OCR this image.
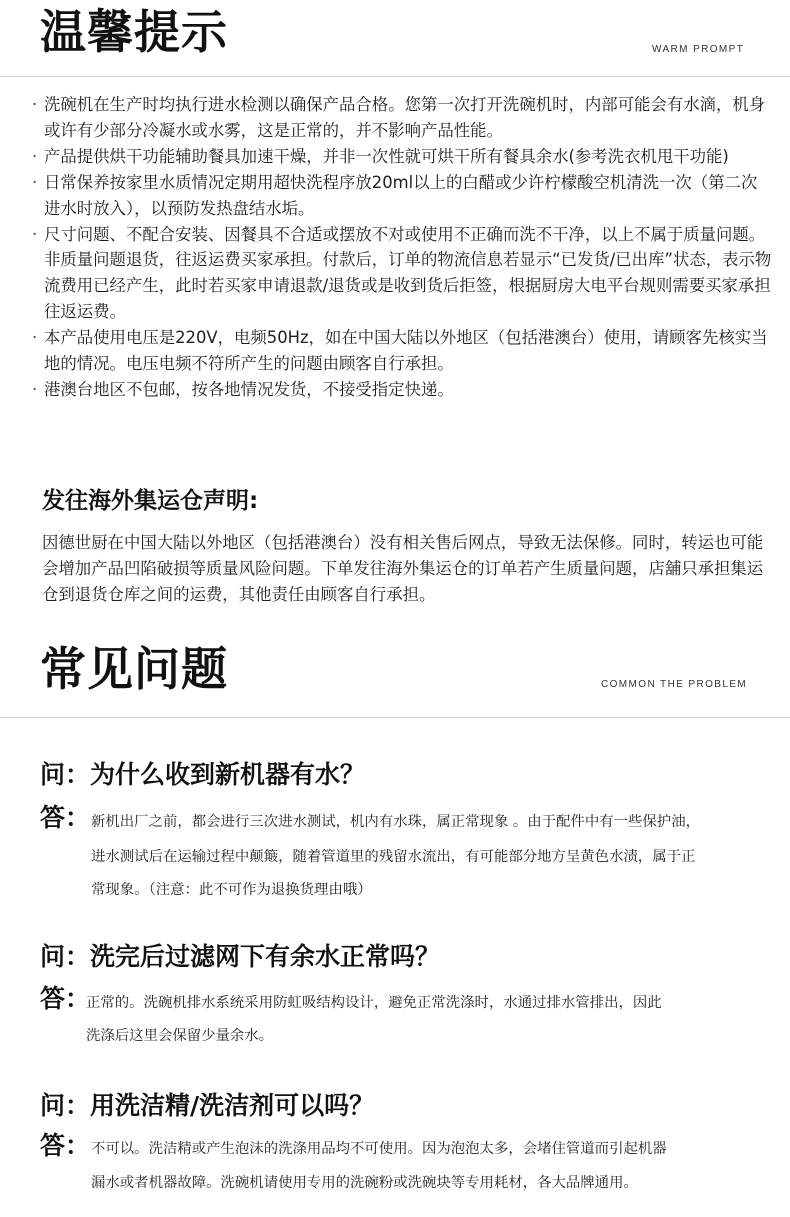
温馨提示	WARM PROMPT
· 洗碗机在生产时均执行进水检测以确保产品合格。您第一次打开洗碗机时，内部可能会有水滴，机身或许有少部分冷凝水或水雾，这是正常的，并不影响产品性能。
· 产品提供烘干功能辅助餐具加速干燥，并非一次性就可烘干所有餐具余水(参考洗衣机甩干功能)
· 日常保养按家里水质情况定期用超快洗程序放20ml以上的白醋或少许柠檬酸空机清洗一次（第二次进水时放入），以预防发热盘结水垢。
· 尺寸问题、不配合安装、因餐具不合适或摆放不对或使用不正确而洗不干净，以上不属于质量问题。非质量问题退货，往返运费买家承担。付款后，订单的物流信息若显示“已发货/已出库”状态，表示物流费用已经产生，此时若买家申请退款/退货或是收到货后拒签，根据厨房大电平台规则需要买家承担往返运费。
· 本产品使用电压是220V，电频50Hz，如在中国大陆以外地区（包括港澳台）使用，请顾客先核实当地的情况。电压电频不符所产生的问题由顾客自行承担。
· 港澳台地区不包邮，按各地情况发货，不接受指定快递。
发往海外集运仓声明:
因德世厨在中国大陆以外地区（包括港澳台）没有相关售后网点，导致无法保修。同时，转运也可能会增加产品凹陷破损等质量风险问题。下单发往海外集运仓的订单若产生质量问题，店舖只承担集运仓到退货仓库之间的运费，其他责任由顾客自行承担。
常见问题	COMMON THE PROBLEM
问：为什么收到新机器有水？
答： 新机出厂之前，都会进行三次进水测试，机内有水珠，属正常现象 。由于配件中有一些保护油，
进水测试后在运输过程中颠簸，随着管道里的残留水流出，有可能部分地方呈黄色水渍，属于正
常现象。（注意：此不可作为退换货理由哦）
问：洗完后过滤网下有余水正常吗？
答：
正常的。洗碗机排水系统采用防虹吸结构设计，避免正常洗涤时，水通过排水管排出，因此
洗涤后这里会保留少量余水。
问：用洗洁精/洗洁剂可以吗？
答： 不可以。洗洁精或产生泡沫的洗涤用品均不可使用。因为泡泡太多，会堵住管道而引起机器
漏水或者机器故障。洗碗机请使用专用的洗碗粉或洗碗块等专用耗材，各大品牌通用。
